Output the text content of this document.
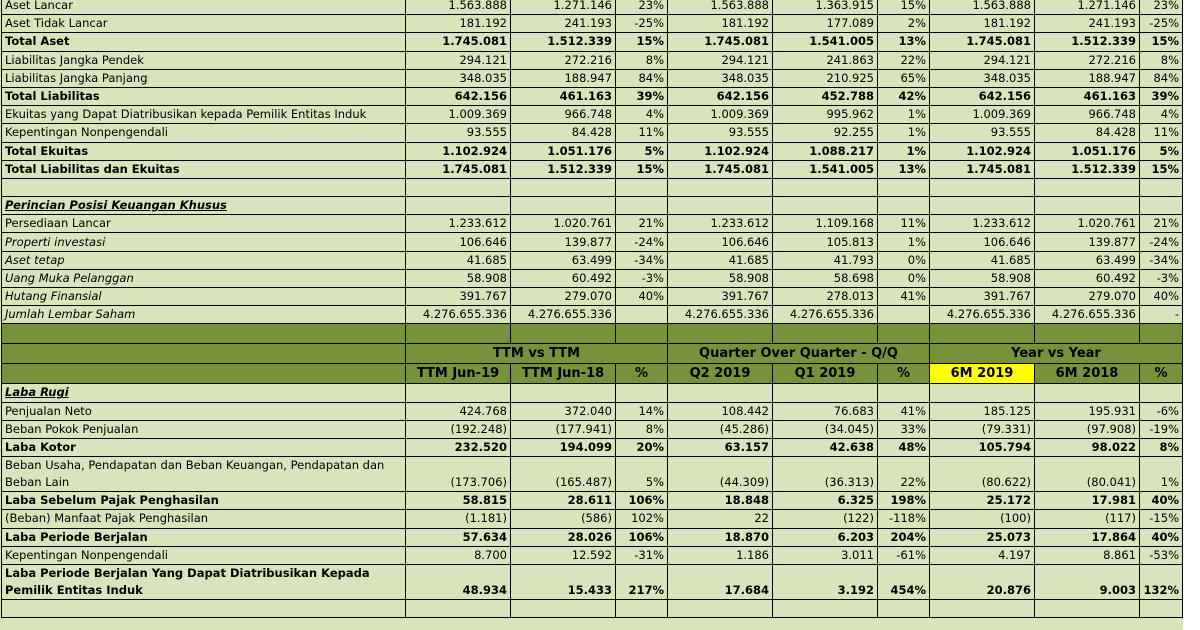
Aset Lancar	1.563.888	1.271.146	23%	1.563.888	1.363.915	15%	1.563.888	1.271.146	23%
Aset Tidak Lancar	181.192	241.193	-25%	181.192	177.089	2%	181.192	241.193	-25%
Total Aset	1.745.081	1.512.339	15%	1.745.081	1.541.005	13%	1.745.081	1.512.339	15%
Liabilitas Jangka Pendek	294.121	272.216	8%	294.121	241.863	22%	294.121	272.216	8%
Liabilitas Jangka Panjang	348.035	188.947	84%	348.035	210.925	65%	348.035	188.947	84%
Total Liabilitas	642.156	461.163	39%	642.156	452.788	42%	642.156	461.163	39%
Ekuitas yang Dapat Diatribusikan kepada Pemilik Entitas Induk	1.009.369	966.748	4%	1.009.369	995.962	1%	1.009.369	966.748	4%
Kepentingan Nonpengendali	93.555	84.428	11%	93.555	92.255	1%	93.555	84.428	11%
Total Ekuitas	1.102.924	1.051.176	5%	1.102.924	1.088.217	1%	1.102.924	1.051.176	5%
Total Liabilitas dan Ekuitas	1.745.081	1.512.339	15%	1.745.081	1.541.005	13%	1.745.081	1.512.339	15%

Perincian Posisi Keuangan Khusus									
Persediaan Lancar	1.233.612	1.020.761	21%	1.233.612	1.109.168	11%	1.233.612	1.020.761	21%
Properti investasi	106.646	139.877	-24%	106.646	105.813	1%	106.646	139.877	-24%
Aset tetap	41.685	63.499	-34%	41.685	41.793	0%	41.685	63.499	-34%
Uang Muka Pelanggan	58.908	60.492	-3%	58.908	58.698	0%	58.908	60.492	-3%
Hutang Finansial	391.767	279.070	40%	391.767	278.013	41%	391.767	279.070	40%
Jumlah Lembar Saham	4.276.655.336	4.276.655.336		4.276.655.336	4.276.655.336		4.276.655.336	4.276.655.336	-

	TTM vs TTM			Quarter Over Quarter - Q/Q			Year vs Year		
	TTM Jun-19	TTM Jun-18	%	Q2 2019	Q1 2019	%	6M 2019	6M 2018	%
Laba Rugi									
Penjualan Neto	424.768	372.040	14%	108.442	76.683	41%	185.125	195.931	-6%
Beban Pokok Penjualan	(192.248)	(177.941)	8%	(45.286)	(34.045)	33%	(79.331)	(97.908)	-19%
Laba Kotor	232.520	194.099	20%	63.157	42.638	48%	105.794	98.022	8%
Beban Usaha, Pendapatan dan Beban Keuangan, Pendapatan dan Beban Lain	(173.706)	(165.487)	5%	(44.309)	(36.313)	22%	(80.622)	(80.041)	1%
Laba Sebelum Pajak Penghasilan	58.815	28.611	106%	18.848	6.325	198%	25.172	17.981	40%
(Beban) Manfaat Pajak Penghasilan	(1.181)	(586)	102%	22	(122)	-118%	(100)	(117)	-15%
Laba Periode Berjalan	57.634	28.026	106%	18.870	6.203	204%	25.073	17.864	40%
Kepentingan Nonpengendali	8.700	12.592	-31%	1.186	3.011	-61%	4.197	8.861	-53%
Laba Periode Berjalan Yang Dapat Diatribusikan Kepada Pemilik Entitas Induk	48.934	15.433	217%	17.684	3.192	454%	20.876	9.003	132%
